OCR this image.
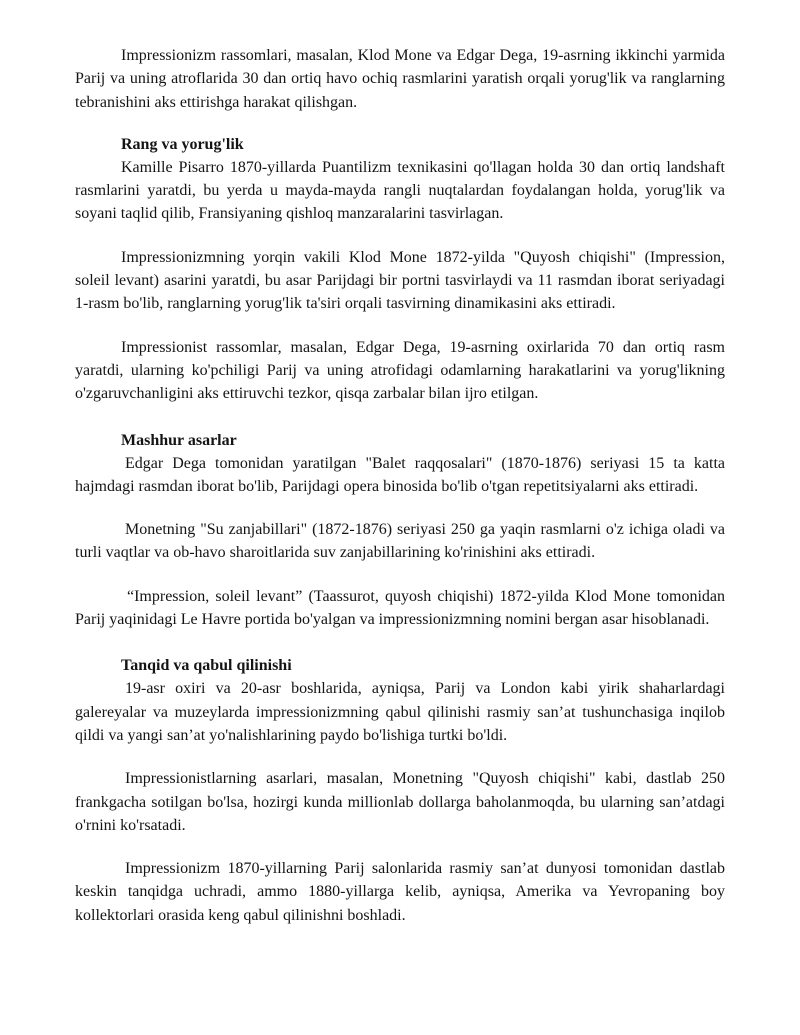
Impressionizm rassomlari, masalan, Klod Mone va Edgar Dega, 19-asrning ikkinchi yarmida Parij va uning atroflarida 30 dan ortiq havo ochiq rasmlarini yaratish orqali yorug'lik va ranglarning tebranishini aks ettirishga harakat qilishgan.

Rang va yorug'lik

Kamille Pisarro 1870-yillarda Puantilizm texnikasini qo'llagan holda 30 dan ortiq landshaft rasmlarini yaratdi, bu yerda u mayda-mayda rangli nuqtalardan foydalangan holda, yorug'lik va soyani taqlid qilib, Fransiyaning qishloq manzaralarini tasvirlagan.

Impressionizmning yorqin vakili Klod Mone 1872-yilda "Quyosh chiqishi" (Impression, soleil levant) asarini yaratdi, bu asar Parijdagi bir portni tasvirlaydi va 11 rasmdan iborat seriyadagi 1-rasm bo'lib, ranglarning yorug'lik ta'siri orqali tasvirning dinamikasini aks ettiradi.

Impressionist rassomlar, masalan, Edgar Dega, 19-asrning oxirlarida 70 dan ortiq rasm yaratdi, ularning ko'pchiligi Parij va uning atrofidagi odamlarning harakatlarini va yorug'likning o'zgaruvchanligini aks ettiruvchi tezkor, qisqa zarbalar bilan ijro etilgan.

Mashhur asarlar

Edgar Dega tomonidan yaratilgan "Balet raqqosalari" (1870-1876) seriyasi 15 ta katta hajmdagi rasmdan iborat bo'lib, Parijdagi opera binosida bo'lib o'tgan repetitsiyalarni aks ettiradi.

Monetning "Su zanjabillari" (1872-1876) seriyasi 250 ga yaqin rasmlarni o'z ichiga oladi va turli vaqtlar va ob-havo sharoitlarida suv zanjabillarining ko'rinishini aks ettiradi.

“Impression, soleil levant” (Taassurot, quyosh chiqishi) 1872-yilda Klod Mone tomonidan Parij yaqinidagi Le Havre portida bo'yalgan va impressionizmning nomini bergan asar hisoblanadi.

Tanqid va qabul qilinishi

19-asr oxiri va 20-asr boshlarida, ayniqsa, Parij va London kabi yirik shaharlardagi galereyalar va muzeylarda impressionizmning qabul qilinishi rasmiy san’at tushunchasiga inqilob qildi va yangi san’at yo'nalishlarining paydo bo'lishiga turtki bo'ldi.

Impressionistlarning asarlari, masalan, Monetning "Quyosh chiqishi" kabi, dastlab 250 frankgacha sotilgan bo'lsa, hozirgi kunda millionlab dollarga baholanmoqda, bu ularning san’atdagi o'rnini ko'rsatadi.

Impressionizm 1870-yillarning Parij salonlarida rasmiy san’at dunyosi tomonidan dastlab keskin tanqidga uchradi, ammo 1880-yillarga kelib, ayniqsa, Amerika va Yevropaning boy kollektorlari orasida keng qabul qilinishni boshladi.
